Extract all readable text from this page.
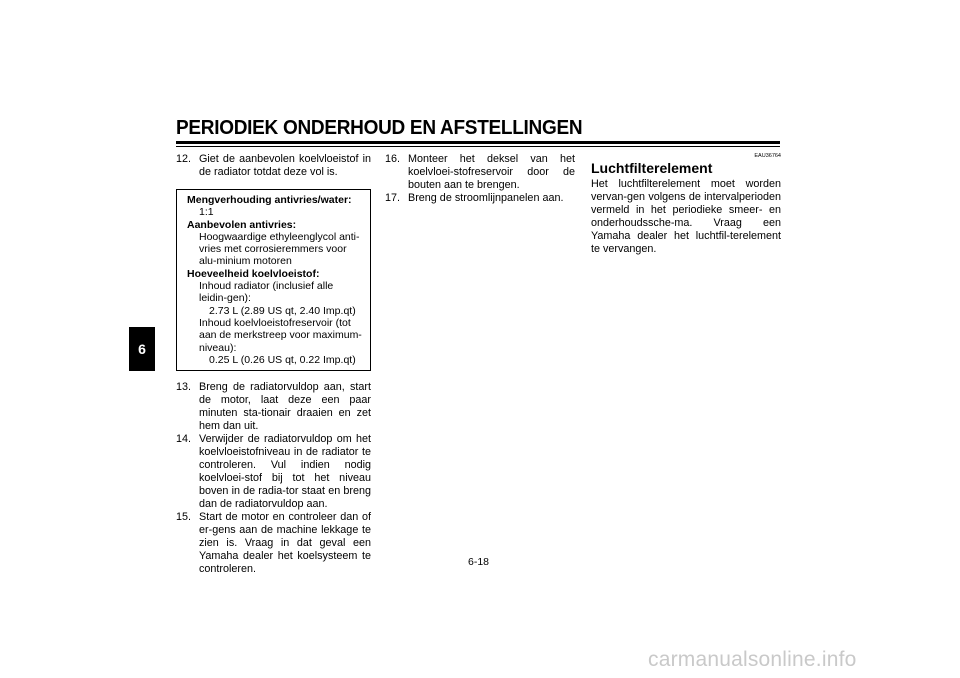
PERIODIEK ONDERHOUD EN AFSTELLINGEN
6
12. Giet de aanbevolen koelvloeistof in de radiator totdat deze vol is.
Mengverhouding antivries/water:
1:1
Aanbevolen antivries:
Hoogwaardige ethyleenglycol anti-vries met corrosieremmers voor alu-minium motoren
Hoeveelheid koelvloeistof:
Inhoud radiator (inclusief alle leidin-gen):
2.73 L (2.89 US qt, 2.40 Imp.qt)
Inhoud koelvloeistofreservoir (tot aan de merkstreep voor maximum-niveau):
0.25 L (0.26 US qt, 0.22 Imp.qt)
13. Breng de radiatorvuldop aan, start de motor, laat deze een paar minuten sta-tionair draaien en zet hem dan uit.
14. Verwijder de radiatorvuldop om het koelvloeistofniveau in de radiator te controleren. Vul indien nodig koelvloei-stof bij tot het niveau boven in de radia-tor staat en breng dan de radiatorvuldop aan.
15. Start de motor en controleer dan of er-gens aan de machine lekkage te zien is. Vraag in dat geval een Yamaha dealer het koelsysteem te controleren.
16. Monteer het deksel van het koelvloei-stofreservoir door de bouten aan te brengen.
17. Breng de stroomlijnpanelen aan.
EAU36764
Luchtfilterelement
Het luchtfilterelement moet worden vervan-gen volgens de intervalperioden vermeld in het periodieke smeer- en onderhoudssche-ma. Vraag een Yamaha dealer het luchtfil-terelement te vervangen.
6-18
carmanualsonline.info
